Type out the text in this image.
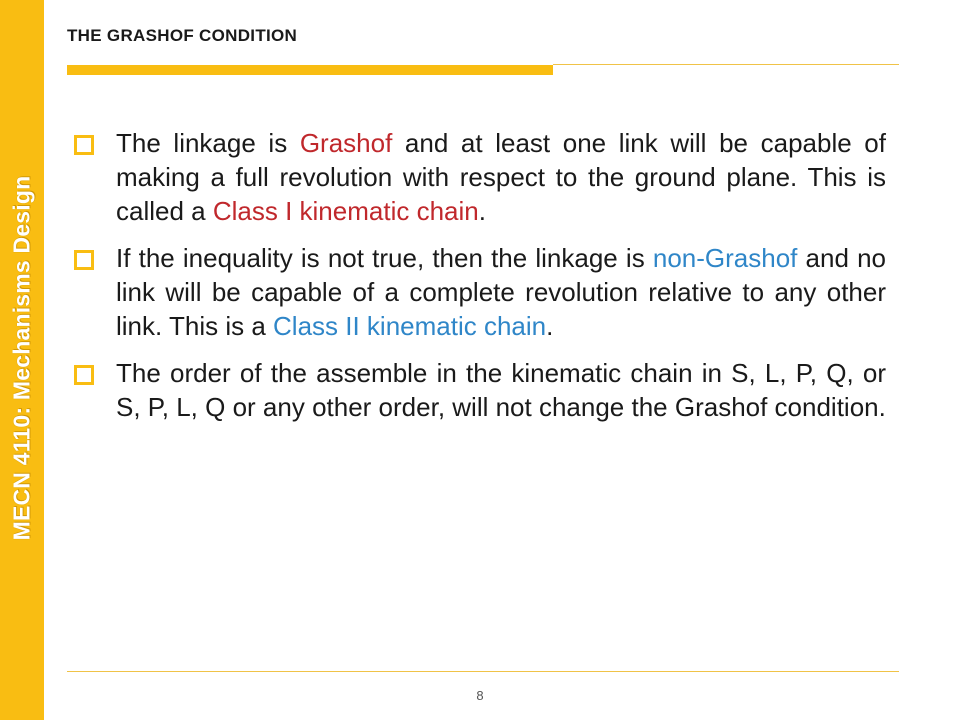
MECN 4110: Mechanisms Design
THE GRASHOF CONDITION
The linkage is Grashof and at least one link will be capable of making a full revolution with respect to the ground plane. This is called a Class I kinematic chain.
If the inequality is not true, then the linkage is non-Grashof and no link will be capable of a complete revolution relative to any other link. This is a Class II kinematic chain.
The order of the assemble in the kinematic chain in S, L, P, Q, or S, P, L, Q or any other order, will not change the Grashof condition.
8
